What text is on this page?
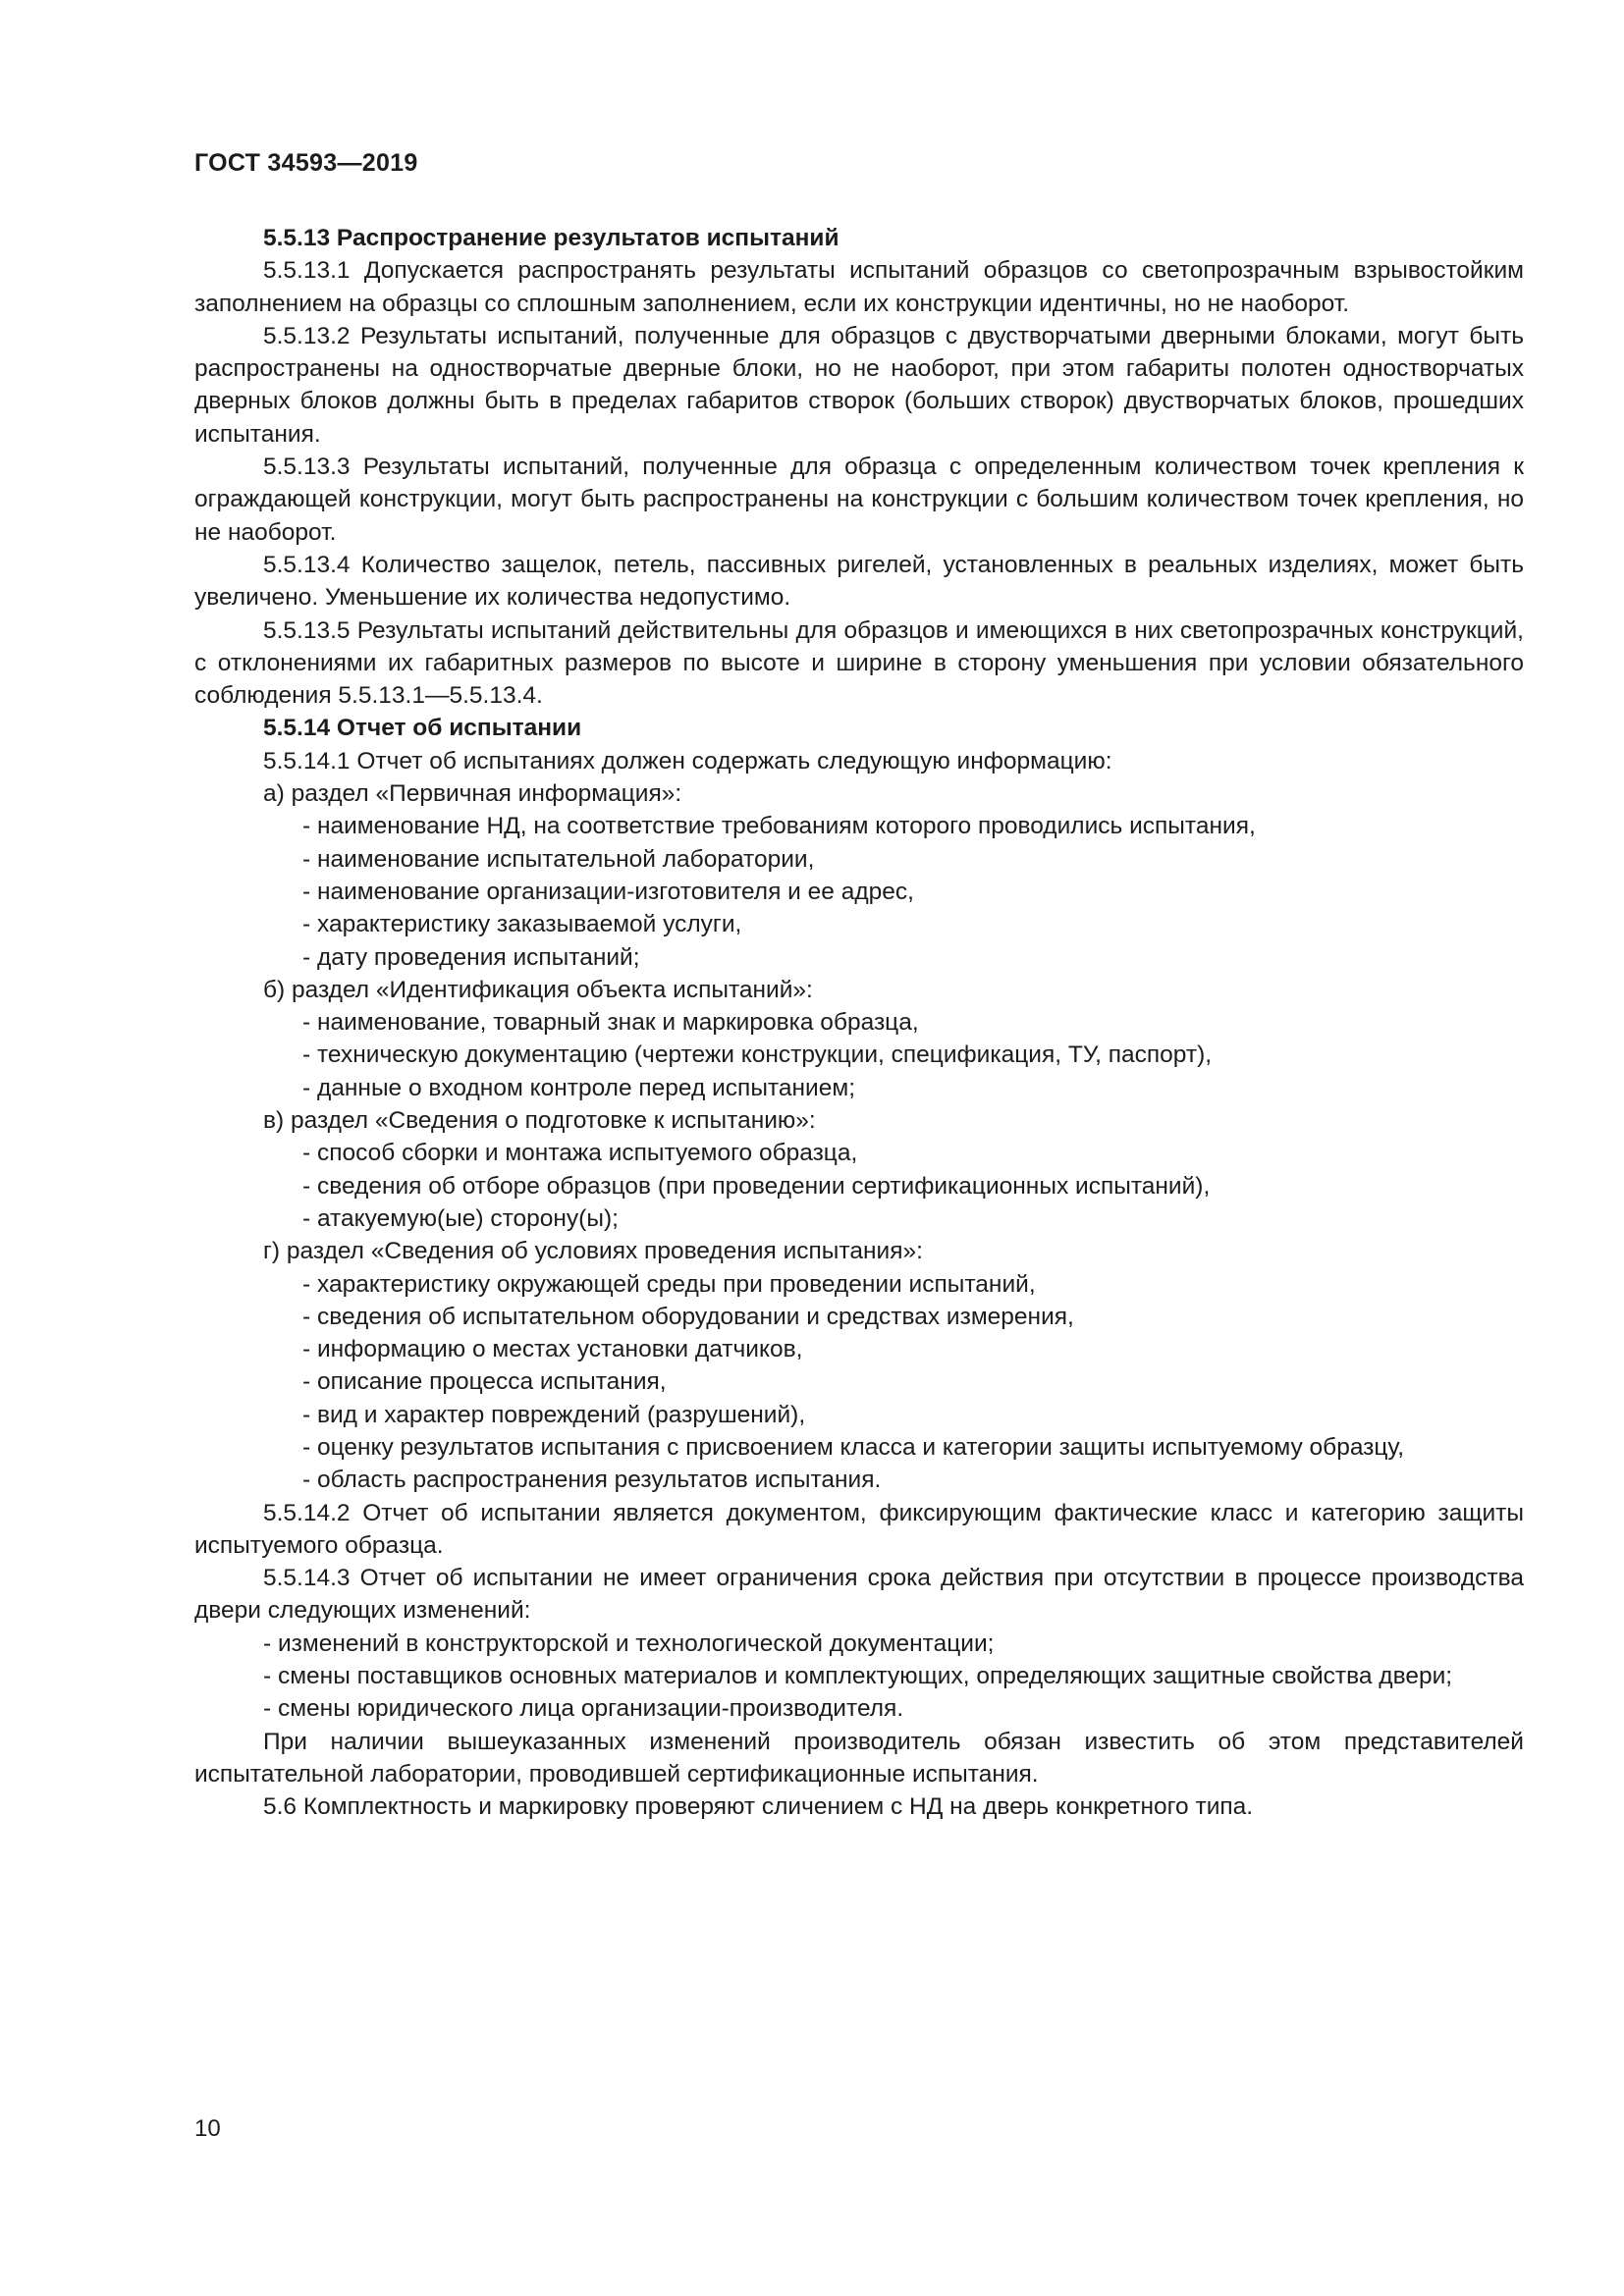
ГОСТ 34593—2019

5.5.13 Распространение результатов испытаний

5.5.13.1 Допускается распространять результаты испытаний образцов со светопрозрачным взрывостойким заполнением на образцы со сплошным заполнением, если их конструкции идентичны, но не наоборот.

5.5.13.2 Результаты испытаний, полученные для образцов с двустворчатыми дверными блоками, могут быть распространены на одностворчатые дверные блоки, но не наоборот, при этом габариты полотен одностворчатых дверных блоков должны быть в пределах габаритов створок (больших створок) двустворчатых блоков, прошедших испытания.

5.5.13.3 Результаты испытаний, полученные для образца с определенным количеством точек крепления к ограждающей конструкции, могут быть распространены на конструкции с большим количеством точек крепления, но не наоборот.

5.5.13.4 Количество защелок, петель, пассивных ригелей, установленных в реальных изделиях, может быть увеличено. Уменьшение их количества недопустимо.

5.5.13.5 Результаты испытаний действительны для образцов и имеющихся в них светопрозрачных конструкций, с отклонениями их габаритных размеров по высоте и ширине в сторону уменьшения при условии обязательного соблюдения 5.5.13.1—5.5.13.4.

5.5.14 Отчет об испытании

5.5.14.1 Отчет об испытаниях должен содержать следующую информацию:

а) раздел «Первичная информация»:

- наименование НД, на соответствие требованиям которого проводились испытания,

- наименование испытательной лаборатории,

- наименование организации-изготовителя и ее адрес,

- характеристику заказываемой услуги,

- дату проведения испытаний;

б) раздел «Идентификация объекта испытаний»:

- наименование, товарный знак и маркировка образца,

- техническую документацию (чертежи конструкции, спецификация, ТУ, паспорт),

- данные о входном контроле перед испытанием;

в) раздел «Сведения о подготовке к испытанию»:

- способ сборки и монтажа испытуемого образца,

- сведения об отборе образцов (при проведении сертификационных испытаний),

- атакуемую(ые) сторону(ы);

г) раздел «Сведения об условиях проведения испытания»:

- характеристику окружающей среды при проведении испытаний,

- сведения об испытательном оборудовании и средствах измерения,

- информацию о местах установки датчиков,

- описание процесса испытания,

- вид и характер повреждений (разрушений),

- оценку результатов испытания с присвоением класса и категории защиты испытуемому образцу,

- область распространения результатов испытания.

5.5.14.2 Отчет об испытании является документом, фиксирующим фактические класс и категорию защиты испытуемого образца.

5.5.14.3 Отчет об испытании не имеет ограничения срока действия при отсутствии в процессе производства двери следующих изменений:

- изменений в конструкторской и технологической документации;

- смены поставщиков основных материалов и комплектующих, определяющих защитные свойства двери;

- смены юридического лица организации-производителя.

При наличии вышеуказанных изменений производитель обязан известить об этом представителей испытательной лаборатории, проводившей сертификационные испытания.

5.6 Комплектность и маркировку проверяют сличением с НД на дверь конкретного типа.

10
